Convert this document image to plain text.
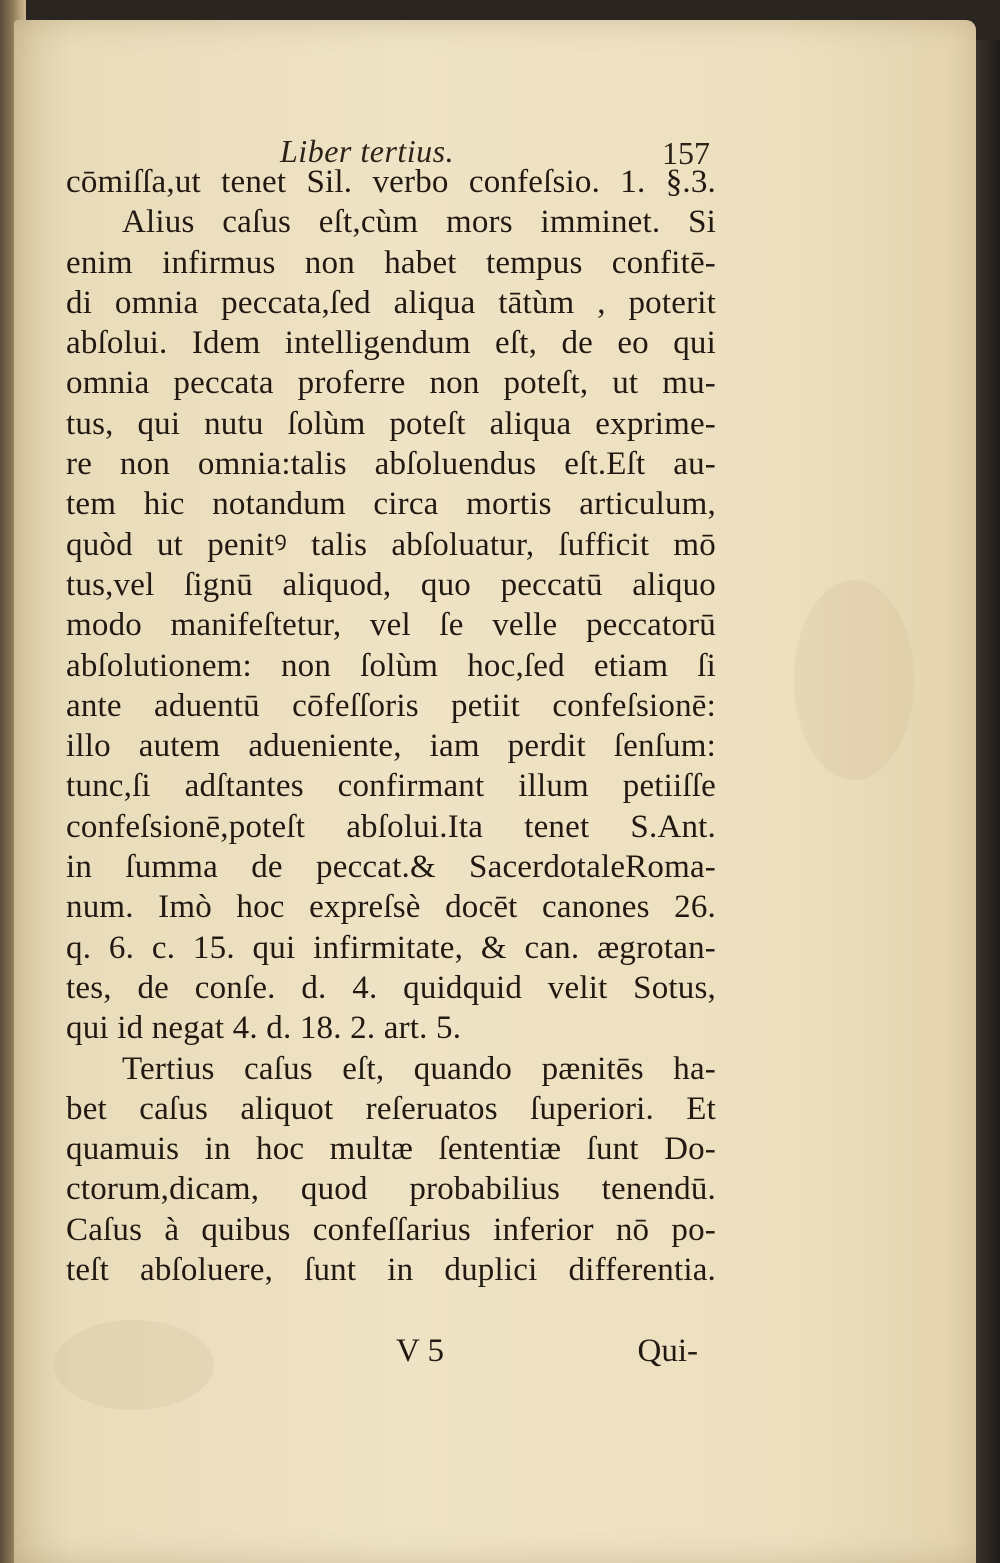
Liber tertius.	157
cōmiſſa,ut tenet Sil. verbo confeſsio. 1. §.3.
Alius caſus eſt,cùm mors imminet. Si
enim infirmus non habet tempus confitē-
di omnia peccata,ſed aliqua tātùm , poterit
abſolui. Idem intelligendum eſt, de eo qui
omnia peccata proferre non poteſt, ut mu-
tus, qui nutu ſolùm poteſt aliqua exprime-
re non omnia:talis abſoluendus eſt.Eſt au-
tem hic notandum circa mortis articulum,
quòd ut penitꝰ talis abſoluatur, ſufficit mō
tus,vel ſignū aliquod, quo peccatū aliquo
modo manifeſtetur, vel ſe velle peccatorū
abſolutionem: non ſolùm hoc,ſed etiam ſi
ante aduentū cōfeſſoris petiit confeſsionē:
illo autem adueniente, iam perdit ſenſum:
tunc,ſi adſtantes confirmant illum petiiſſe
confeſsionē,poteſt abſolui.Ita tenet S.Ant.
in ſumma de peccat.& SacerdotaleRoma-
num. Imò hoc expreſsè docēt canones 26.
q. 6. c. 15. qui infirmitate, & can. ægrotan-
tes, de conſe. d. 4. quidquid velit Sotus,
qui id negat 4. d. 18. 2. art. 5.
Tertius caſus eſt, quando pænitēs ha-
bet caſus aliquot reſeruatos ſuperiori. Et
quamuis in hoc multæ ſententiæ ſunt Do-
ctorum,dicam, quod probabilius tenendū.
Caſus à quibus confeſſarius inferior nō po-
teſt abſoluere, ſunt in duplici differentia.
V 5	Qui-
